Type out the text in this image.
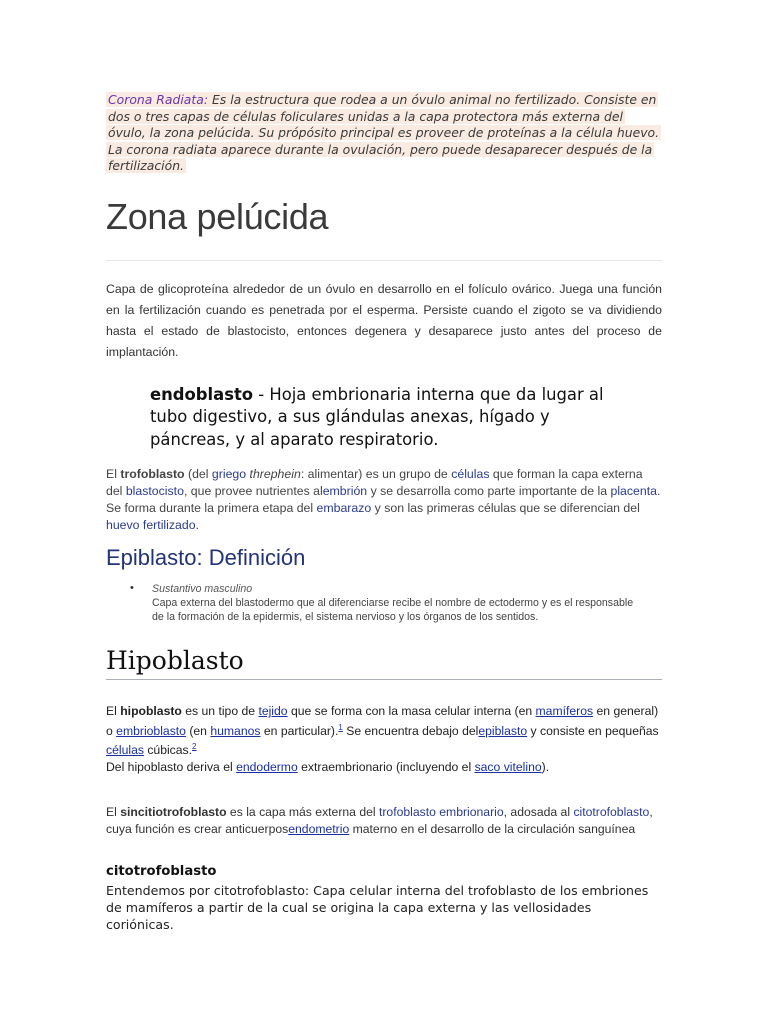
Corona Radiata: Es la estructura que rodea a un óvulo animal no fertilizado. Consiste en dos o tres capas de células foliculares unidas a la capa protectora más externa del óvulo, la zona pelúcida. Su própósito principal es proveer de proteínas a la célula huevo. La corona radiata aparece durante la ovulación, pero puede desaparecer después de la fertilización.
Zona pelúcida

Capa de glicoproteína alrededor de un óvulo en desarrollo en el folículo ovárico. Juega una función en la fertilización cuando es penetrada por el esperma. Persiste cuando el zigoto se va dividiendo hasta el estado de blastocisto, entonces degenera y desaparece justo antes del proceso de implantación.

endoblasto - Hoja embrionaria interna que da lugar al tubo digestivo, a sus glándulas anexas, hígado y páncreas, y al aparato respiratorio.
El trofoblasto (del griego threphein: alimentar) es un grupo de células que forman la capa externa del blastocisto, que provee nutrientes alembrión y se desarrolla como parte importante de la placenta. Se forma durante la primera etapa del embarazo y son las primeras células que se diferencian del huevo fertilizado.
Epiblasto: Definición
• Sustantivo masculino
Capa externa del blastodermo que al diferenciarse recibe el nombre de ectodermo y es el responsable de la formación de la epidermis, el sistema nervioso y los órganos de los sentidos.
Hipoblasto
El hipoblasto es un tipo de tejido que se forma con la masa celular interna (en mamíferos en general) o embrioblasto (en humanos en particular).$^1$ Se encuentra debajo delepiblasto y consiste en pequeñas células cúbicas.$^2$
Del hipoblasto deriva el endodermo extraembrionario (incluyendo el saco vitelino).
El sincitiotrofoblasto es la capa más externa del trofoblasto embrionario, adosada al citotrofoblasto, cuya función es crear anticuerposendometrio materno en el desarrollo de la circulación sanguínea
citotrofoblasto
Entendemos por citotrofoblasto: Capa celular interna del trofoblasto de los embriones de mamíferos a partir de la cual se origina la capa externa y las vellosidades coriónicas.
